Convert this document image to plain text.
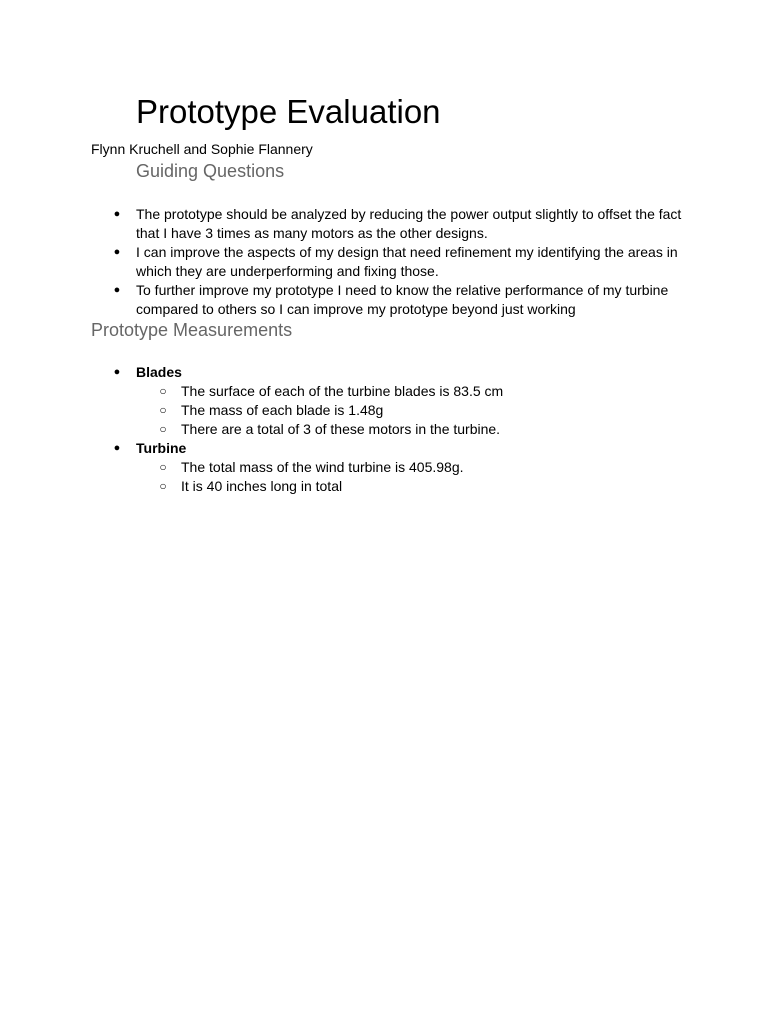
Prototype Evaluation
Flynn Kruchell and Sophie Flannery
Guiding Questions
● The prototype should be analyzed by reducing the power output slightly to offset the fact that I have 3 times as many motors as the other designs.
● I can improve the aspects of my design that need refinement my identifying the areas in which they are underperforming and fixing those.
● To further improve my prototype I need to know the relative performance of my turbine compared to others so I can improve my prototype beyond just working
Prototype Measurements
● Blades
○ The surface of each of the turbine blades is 83.5 cm
○ The mass of each blade is 1.48g
○ There are a total of 3 of these motors in the turbine.
● Turbine
○ The total mass of the wind turbine is 405.98g.
○ It is 40 inches long in total
